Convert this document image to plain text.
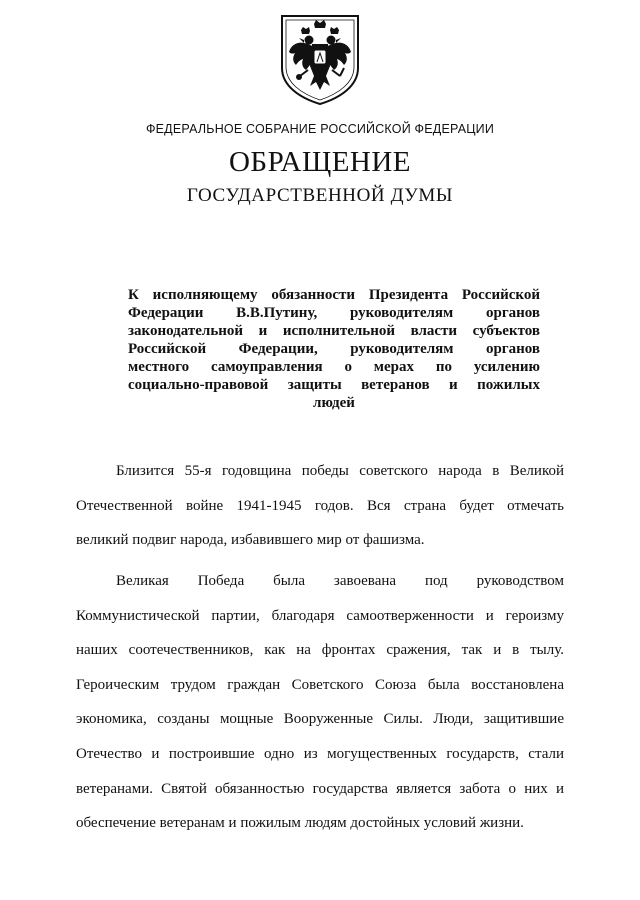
ФЕДЕРАЛЬНОЕ СОБРАНИЕ РОССИЙСКОЙ ФЕДЕРАЦИИ
ОБРАЩЕНИЕ
ГОСУДАРСТВЕННОЙ ДУМЫ
К исполняющему обязанности Президента Российской
Федерации В.В.Путину, руководителям органов
законодательной и исполнительной власти субъектов
Российской Федерации, руководителям органов
местного самоуправления о мерах по усилению
социально-правовой защиты ветеранов и пожилых
людей
Близится 55-я годовщина победы советского народа в Великой
Отечественной войне 1941-1945 годов. Вся страна будет отмечать
великий подвиг народа, избавившего мир от фашизма.
Великая Победа была завоевана под руководством
Коммунистической партии, благодаря самоотверженности и героизму
наших соотечественников, как на фронтах сражения, так и в тылу.
Героическим трудом граждан Советского Союза была восстановлена
экономика, созданы мощные Вооруженные Силы. Люди, защитившие
Отечество и построившие одно из могущественных государств, стали
ветеранами. Святой обязанностью государства является забота о них и
обеспечение ветеранам и пожилым людям достойных условий жизни.
